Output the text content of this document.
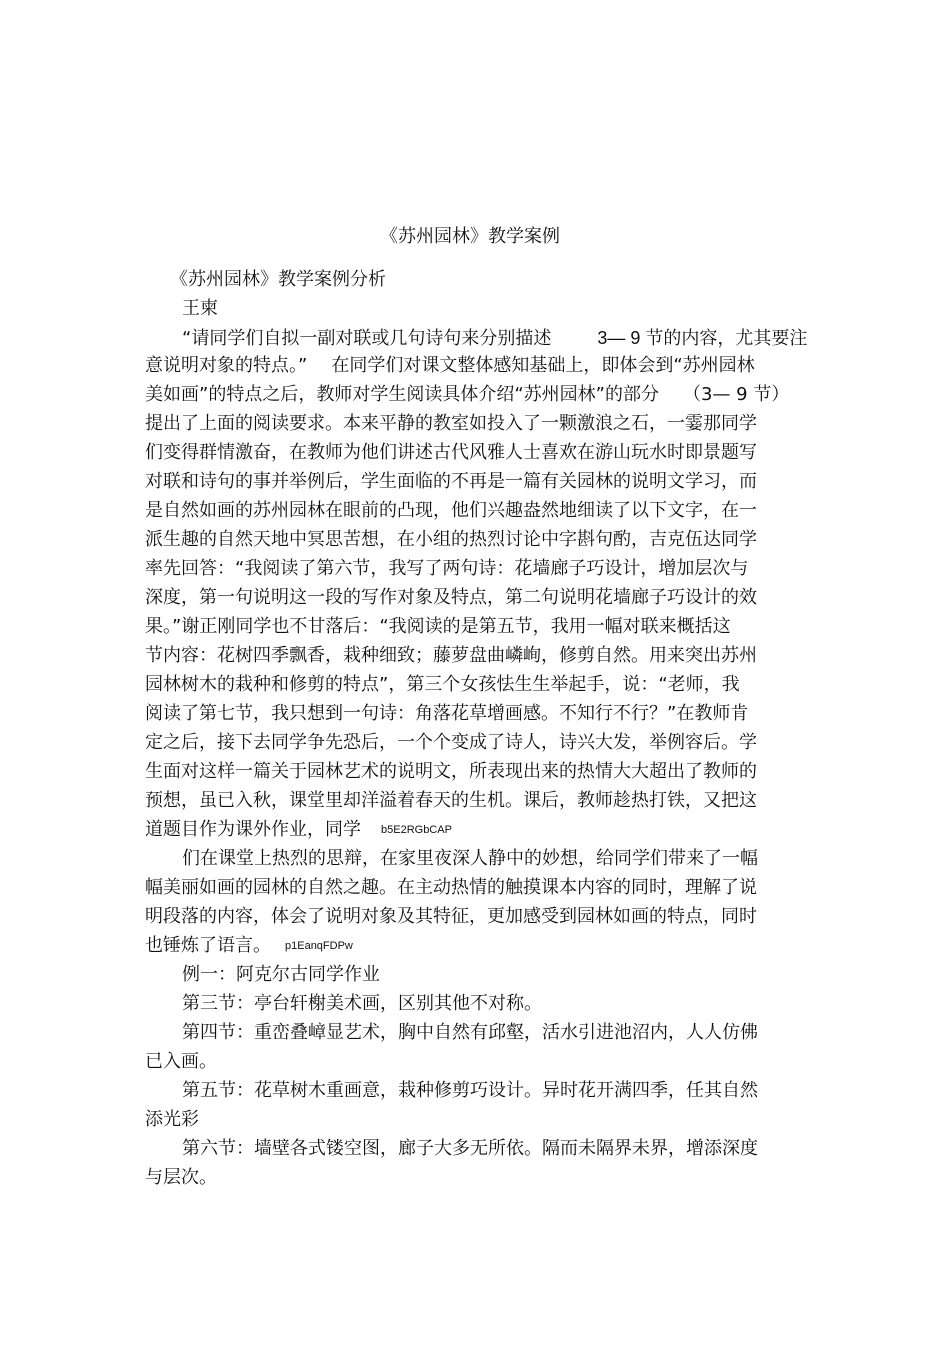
《苏州园林》教学案例
《苏州园林》教学案例分析
王柬
“请同学们自拟一副对联或几句诗句来分别描述	3— 9 节的内容，尤其要注
意说明对象的特点。” 在同学们对课文整体感知基础上，即体会到“苏州园林
美如画”的特点之后，教师对学生阅读具体介绍“苏州园林”的部分 （3— 9 节）
提出了上面的阅读要求。本来平静的教室如投入了一颗激浪之石，一霎那同学
们变得群情激奋，在教师为他们讲述古代风雅人士喜欢在游山玩水时即景题写
对联和诗句的事并举例后，学生面临的不再是一篇有关园林的说明文学习，而
是自然如画的苏州园林在眼前的凸现，他们兴趣盎然地细读了以下文字，在一
派生趣的自然天地中冥思苦想，在小组的热烈讨论中字斟句酌，吉克伍达同学
率先回答：“我阅读了第六节，我写了两句诗：花墙廊子巧设计，增加层次与
深度，第一句说明这一段的写作对象及特点，第二句说明花墙廊子巧设计的效
果。”谢正刚同学也不甘落后：“我阅读的是第五节，我用一幅对联来概括这
节内容：花树四季飘香，栽种细致；藤萝盘曲嶙峋，修剪自然。用来突出苏州
园林树木的栽种和修剪的特点”，第三个女孩怯生生举起手，说：“老师，我
阅读了第七节，我只想到一句诗：角落花草增画感。不知行不行？”在教师肯
定之后，接下去同学争先恐后，一个个变成了诗人，诗兴大发，举例容后。学
生面对这样一篇关于园林艺术的说明文，所表现出来的热情大大超出了教师的
预想，虽已入秋，课堂里却洋溢着春天的生机。课后，教师趁热打铁，又把这
道题目作为课外作业，同学 b5E2RGbCAP
们在课堂上热烈的思辩，在家里夜深人静中的妙想，给同学们带来了一幅
幅美丽如画的园林的自然之趣。在主动热情的触摸课本内容的同时，理解了说
明段落的内容，体会了说明对象及其特征，更加感受到园林如画的特点，同时
也锤炼了语言。 p1EanqFDPw
例一：阿克尔古同学作业
第三节：亭台轩榭美术画，区别其他不对称。
第四节：重峦叠嶂显艺术，胸中自然有邱壑，活水引进池沼内，人人仿佛
已入画。
第五节：花草树木重画意，栽种修剪巧设计。异时花开满四季，任其自然
添光彩
第六节：墙壁各式镂空图，廊子大多无所依。隔而未隔界未界，增添深度
与层次。
